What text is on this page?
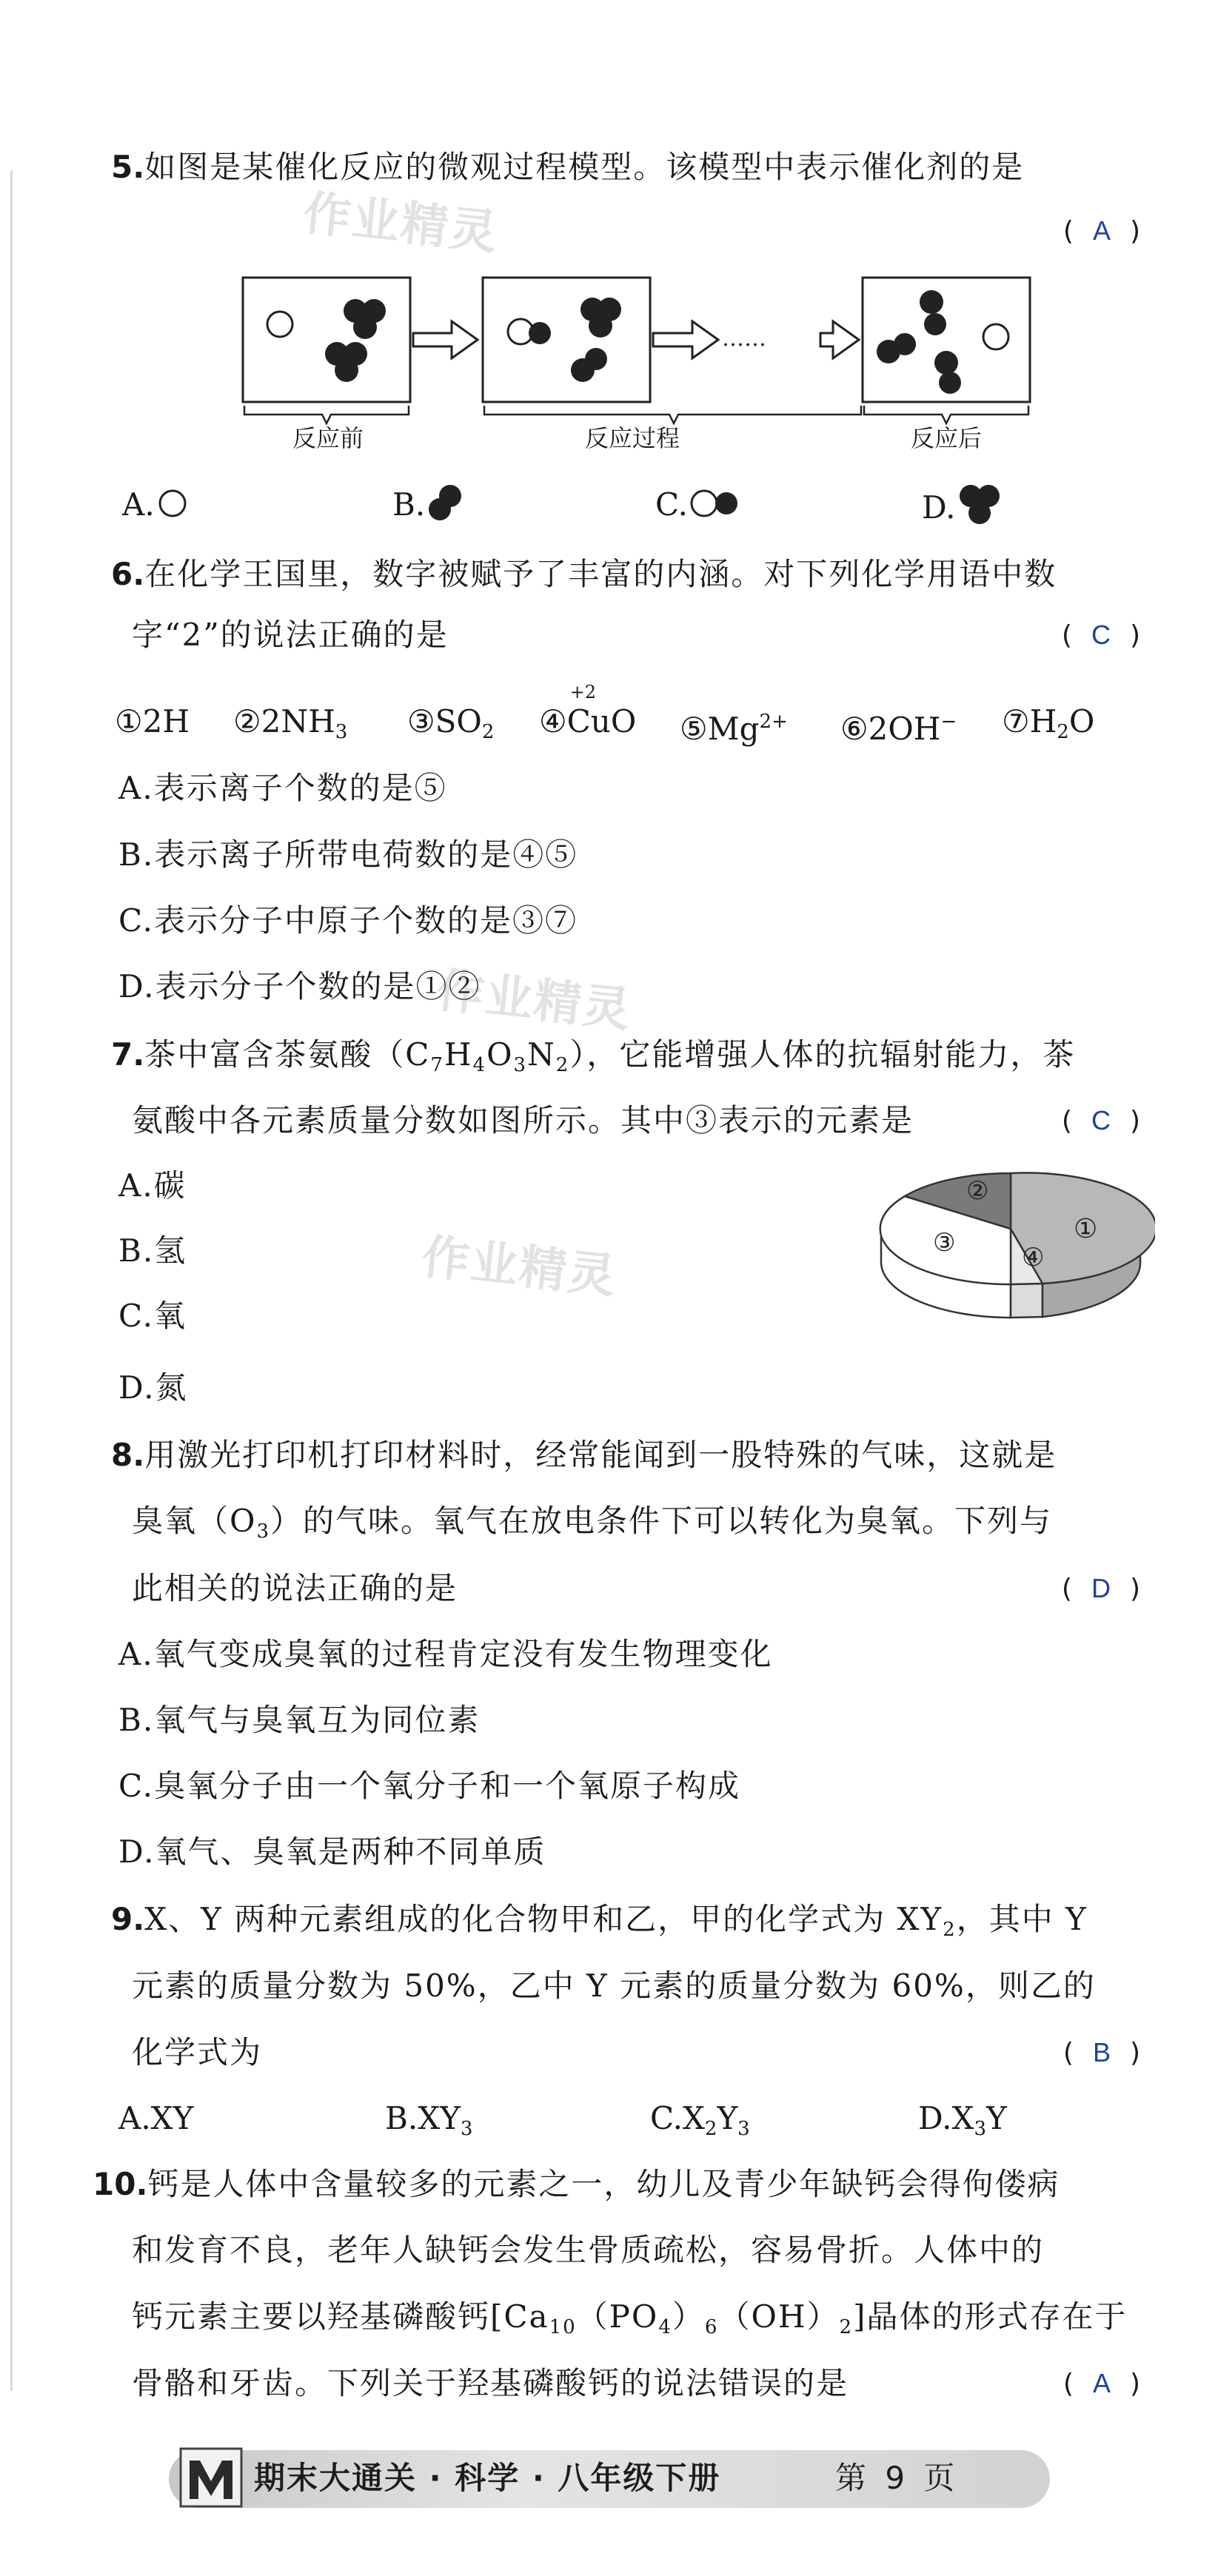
作业精灵
作业精灵
作业精灵
5.如图是某催化反应的微观过程模型。该模型中表示催化剂的是
( A )
……
反应前	反应过程	反应后
A.	B.	C.	D.
6.在化学王国里，数字被赋予了丰富的内涵。对下列化学用语中数
字“2”的说法正确的是	( C )
①2H $②2NH_3$ $③SO_2$ ④
+2
CuO $⑤Mg^{2+}$ ⑥2OH− $⑦H_2O$
A.表示离子个数的是⑤
B.表示离子所带电荷数的是④⑤
C.表示分子中原子个数的是③⑦
D.表示分子个数的是①②
7.茶中富含茶氨酸$(C_7H_4O_3N_2)$，它能增强人体的抗辐射能力，茶
氨酸中各元素质量分数如图所示。其中③表示的元素是	( C )
A.碳
B.氢
C.氧
D.氮
①
②
③	④
8.用激光打印机打印材料时，经常能闻到一股特殊的气味，这就是
臭氧$(O_3)$的气味。氧气在放电条件下可以转化为臭氧。下列与
此相关的说法正确的是	( D )
A.氧气变成臭氧的过程肯定没有发生物理变化
B.氧气与臭氧互为同位素
C.臭氧分子由一个氧分子和一个氧原子构成
D.氧气、臭氧是两种不同单质
9.X、Y 两种元素组成的化合物甲和乙，甲的化学式为 $XY_2$，其中 Y
元素的质量分数为 50%，乙中 Y 元素的质量分数为 60%，则乙的
化学式为	( B )
A.XY	$B.XY_3$	$C.X_2Y_3$	$D.X_3Y$
10.钙是人体中含量较多的元素之一，幼儿及青少年缺钙会得佝偻病
和发育不良，老年人缺钙会发生骨质疏松，容易骨折。人体中的
钙元素主要以羟基磷酸钙$[Ca_{10}(PO_4)_6(OH)_2]$晶体的形式存在于
骨骼和牙齿。下列关于羟基磷酸钙的说法错误的是	( A )
期末大通关 · 科学 · 八年级下册	第 9 页
